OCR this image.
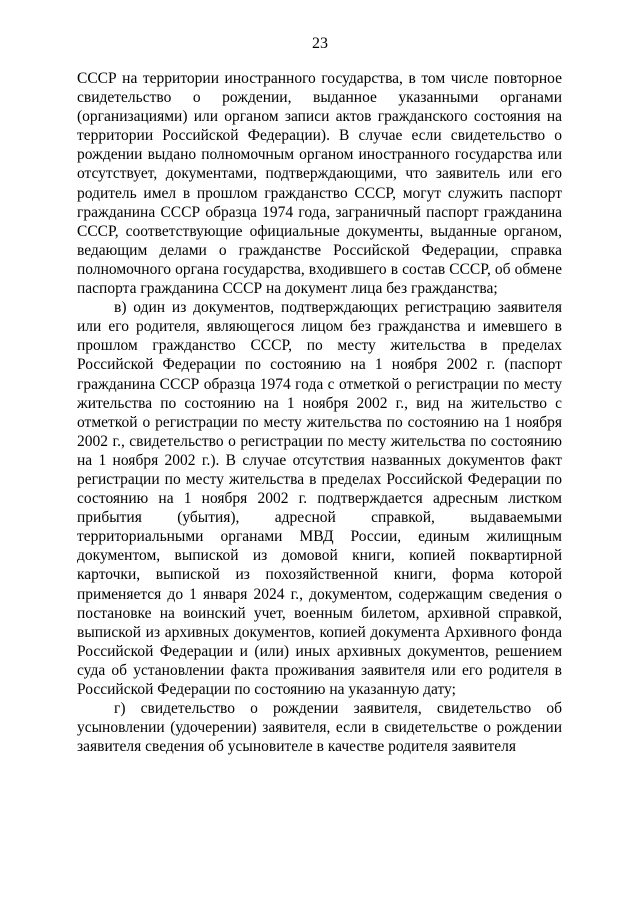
23

СССР на территории иностранного государства, в том числе повторное свидетельство о рождении, выданное указанными органами (организациями) или органом записи актов гражданского состояния на территории Российской Федерации). В случае если свидетельство о рождении выдано полномочным органом иностранного государства или отсутствует, документами, подтверждающими, что заявитель или его родитель имел в прошлом гражданство СССР, могут служить паспорт гражданина СССР образца 1974 года, заграничный паспорт гражданина СССР, соответствующие официальные документы, выданные органом, ведающим делами о гражданстве Российской Федерации, справка полномочного органа государства, входившего в состав СССР, об обмене паспорта гражданина СССР на документ лица без гражданства;

в) один из документов, подтверждающих регистрацию заявителя или его родителя, являющегося лицом без гражданства и имевшего в прошлом гражданство СССР, по месту жительства в пределах Российской Федерации по состоянию на 1 ноября 2002 г. (паспорт гражданина СССР образца 1974 года с отметкой о регистрации по месту жительства по состоянию на 1 ноября 2002 г., вид на жительство с отметкой о регистрации по месту жительства по состоянию на 1 ноября 2002 г., свидетельство о регистрации по месту жительства по состоянию на 1 ноября 2002 г.). В случае отсутствия названных документов факт регистрации по месту жительства в пределах Российской Федерации по состоянию на 1 ноября 2002 г. подтверждается адресным листком прибытия (убытия), адресной справкой, выдаваемыми территориальными органами МВД России, единым жилищным документом, выпиской из домовой книги, копией поквартирной карточки, выпиской из похозяйственной книги, форма которой применяется до 1 января 2024 г., документом, содержащим сведения о постановке на воинский учет, военным билетом, архивной справкой, выпиской из архивных документов, копией документа Архивного фонда Российской Федерации и (или) иных архивных документов, решением суда об установлении факта проживания заявителя или его родителя в Российской Федерации по состоянию на указанную дату;

г) свидетельство о рождении заявителя, свидетельство об усыновлении (удочерении) заявителя, если в свидетельстве о рождении заявителя сведения об усыновителе в качестве родителя заявителя
